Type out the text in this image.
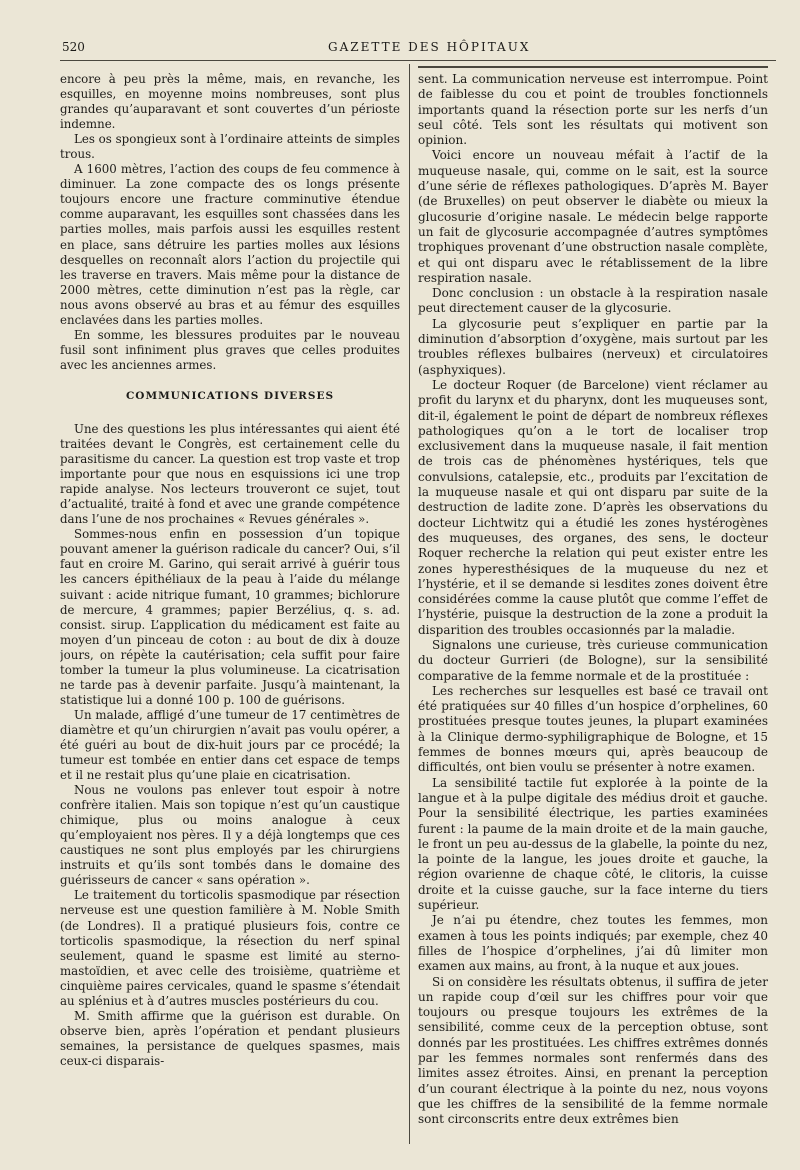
520	GAZETTE DES HÔPITAUX

encore à peu près la même, mais, en revanche, les esquilles, en moyenne moins nombreuses, sont plus grandes qu’auparavant et sont couvertes d’un périoste indemne.

Les os spongieux sont à l’ordinaire atteints de simples trous.

A 1600 mètres, l’action des coups de feu commence à diminuer. La zone compacte des os longs présente toujours encore une fracture comminutive étendue comme auparavant, les esquilles sont chassées dans les parties molles, mais parfois aussi les esquilles restent en place, sans détruire les parties molles aux lésions desquelles on reconnaît alors l’action du projectile qui les traverse en travers. Mais même pour la distance de 2000 mètres, cette diminution n’est pas la règle, car nous avons observé au bras et au fémur des esquilles enclavées dans les parties molles.

En somme, les blessures produites par le nouveau fusil sont infiniment plus graves que celles produites avec les anciennes armes.

COMMUNICATIONS DIVERSES

Une des questions les plus intéressantes qui aient été traitées devant le Congrès, est certainement celle du parasitisme du cancer. La question est trop vaste et trop importante pour que nous en esquissions ici une trop rapide analyse. Nos lecteurs trouveront ce sujet, tout d’actualité, traité à fond et avec une grande compétence dans l’une de nos prochaines « Revues générales ».

Sommes-nous enfin en possession d’un topique pouvant amener la guérison radicale du cancer? Oui, s’il faut en croire M. Garino, qui serait arrivé à guérir tous les cancers épithéliaux de la peau à l’aide du mélange suivant : acide nitrique fumant, 10 grammes; bichlorure de mercure, 4 grammes; papier Berzélius, q. s. ad. consist. sirup. L’application du médicament est faite au moyen d’un pinceau de coton : au bout de dix à douze jours, on répète la cautérisation; cela suffit pour faire tomber la tumeur la plus volumineuse. La cicatrisation ne tarde pas à devenir parfaite. Jusqu’à maintenant, la statistique lui a donné 100 p. 100 de guérisons.

Un malade, affligé d’une tumeur de 17 centimètres de diamètre et qu’un chirurgien n’avait pas voulu opérer, a été guéri au bout de dix-huit jours par ce procédé; la tumeur est tombée en entier dans cet espace de temps et il ne restait plus qu’une plaie en cicatrisation.

Nous ne voulons pas enlever tout espoir à notre confrère italien. Mais son topique n’est qu’un caustique chimique, plus ou moins analogue à ceux qu’employaient nos pères. Il y a déjà longtemps que ces caustiques ne sont plus employés par les chirurgiens instruits et qu’ils sont tombés dans le domaine des guérisseurs de cancer « sans opération ».

Le traitement du torticolis spasmodique par résection nerveuse est une question familière à M. Noble Smith (de Londres). Il a pratiqué plusieurs fois, contre ce torticolis spasmodique, la résection du nerf spinal seulement, quand le spasme est limité au sterno-mastoïdien, et avec celle des troisième, quatrième et cinquième paires cervicales, quand le spasme s’étendait au splénius et à d’autres muscles postérieurs du cou.

M. Smith affirme que la guérison est durable. On observe bien, après l’opération et pendant plusieurs semaines, la persistance de quelques spasmes, mais ceux-ci disparais-

sent. La communication nerveuse est interrompue. Point de faiblesse du cou et point de troubles fonctionnels importants quand la résection porte sur les nerfs d’un seul côté. Tels sont les résultats qui motivent son opinion.

Voici encore un nouveau méfait à l’actif de la muqueuse nasale, qui, comme on le sait, est la source d’une série de réflexes pathologiques. D’après M. Bayer (de Bruxelles) on peut observer le diabète ou mieux la glucosurie d’origine nasale. Le médecin belge rapporte un fait de glycosurie accompagnée d’autres symptômes trophiques provenant d’une obstruction nasale complète, et qui ont disparu avec le rétablissement de la libre respiration nasale.

Donc conclusion : un obstacle à la respiration nasale peut directement causer de la glycosurie.

La glycosurie peut s’expliquer en partie par la diminution d’absorption d’oxygène, mais surtout par les troubles réflexes bulbaires (nerveux) et circulatoires (asphyxiques).

Le docteur Roquer (de Barcelone) vient réclamer au profit du larynx et du pharynx, dont les muqueuses sont, dit-il, également le point de départ de nombreux réflexes pathologiques qu’on a le tort de localiser trop exclusivement dans la muqueuse nasale, il fait mention de trois cas de phénomènes hystériques, tels que convulsions, catalepsie, etc., produits par l’excitation de la muqueuse nasale et qui ont disparu par suite de la destruction de ladite zone. D’après les observations du docteur Lichtwitz qui a étudié les zones hystérogènes des muqueuses, des organes, des sens, le docteur Roquer recherche la relation qui peut exister entre les zones hyperesthésiques de la muqueuse du nez et l’hystérie, et il se demande si lesdites zones doivent être considérées comme la cause plutôt que comme l’effet de l’hystérie, puisque la destruction de la zone a produit la disparition des troubles occasionnés par la maladie.

Signalons une curieuse, très curieuse communication du docteur Gurrieri (de Bologne), sur la sensibilité comparative de la femme normale et de la prostituée :

Les recherches sur lesquelles est basé ce travail ont été pratiquées sur 40 filles d’un hospice d’orphelines, 60 prostituées presque toutes jeunes, la plupart examinées à la Clinique dermo-syphiligraphique de Bologne, et 15 femmes de bonnes mœurs qui, après beaucoup de difficultés, ont bien voulu se présenter à notre examen.

La sensibilité tactile fut explorée à la pointe de la langue et à la pulpe digitale des médius droit et gauche. Pour la sensibilité électrique, les parties examinées furent : la paume de la main droite et de la main gauche, le front un peu au-dessus de la glabelle, la pointe du nez, la pointe de la langue, les joues droite et gauche, la région ovarienne de chaque côté, le clitoris, la cuisse droite et la cuisse gauche, sur la face interne du tiers supérieur.

Je n’ai pu étendre, chez toutes les femmes, mon examen à tous les points indiqués; par exemple, chez 40 filles de l’hospice d’orphelines, j’ai dû limiter mon examen aux mains, au front, à la nuque et aux joues.

Si on considère les résultats obtenus, il suffira de jeter un rapide coup d’œil sur les chiffres pour voir que toujours ou presque toujours les extrêmes de la sensibilité, comme ceux de la perception obtuse, sont donnés par les prostituées. Les chiffres extrêmes donnés par les femmes normales sont renfermés dans des limites assez étroites. Ainsi, en prenant la perception d’un courant électrique à la pointe du nez, nous voyons que les chiffres de la sensibilité de la femme normale sont circonscrits entre deux extrêmes bien
